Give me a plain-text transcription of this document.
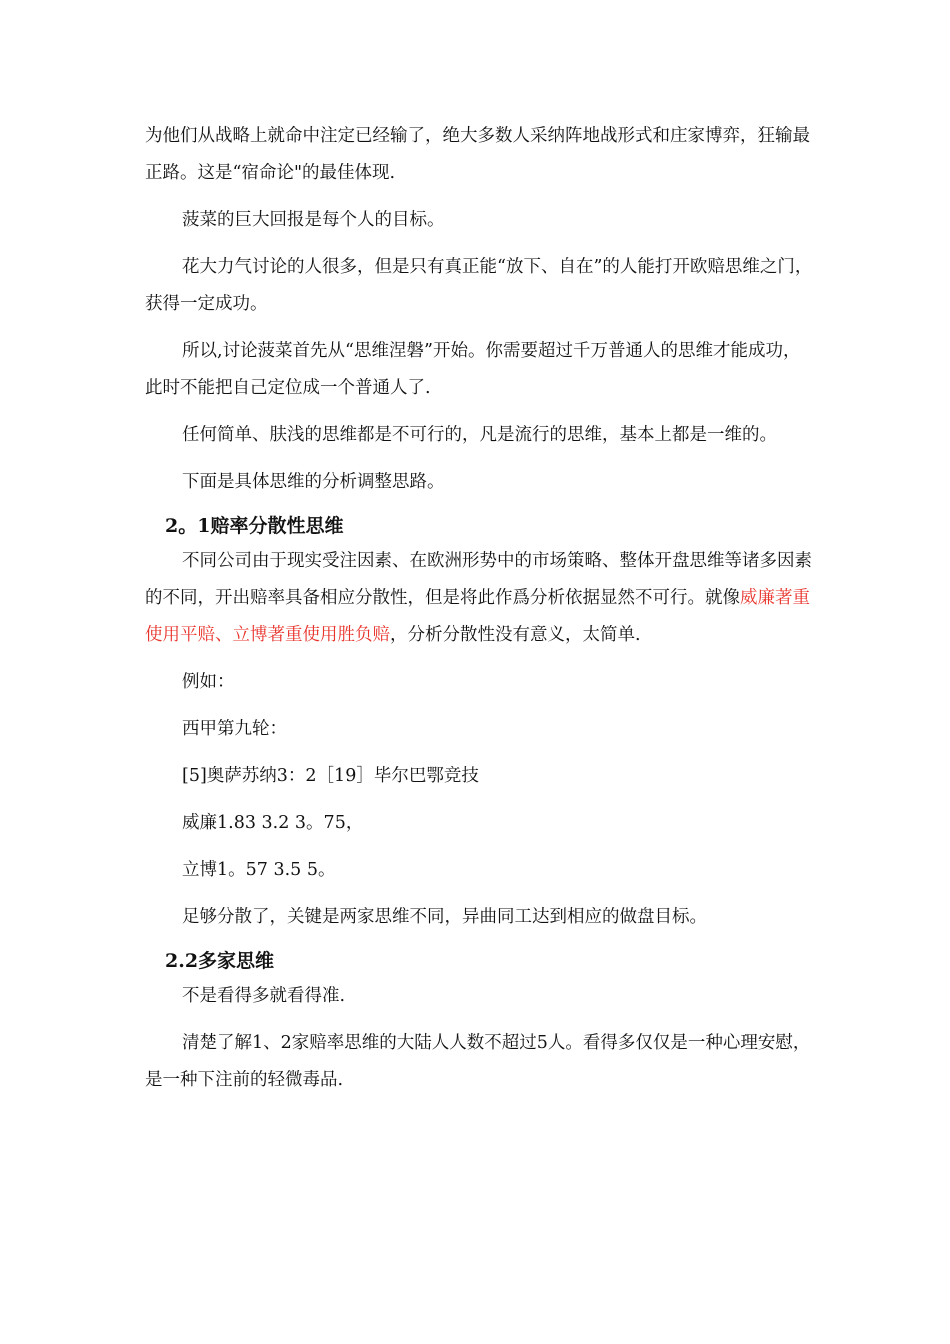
为他们从战略上就命中注定已经输了，绝大多数人采纳阵地战形式和庄家博弈，狂输最正路。这是“宿命论"的最佳体现.

菠菜的巨大回报是每个人的目标。

花大力气讨论的人很多，但是只有真正能“放下、自在”的人能打开欧赔思维之门，获得一定成功。

所以,讨论菠菜首先从“思维涅磐”开始。你需要超过千万普通人的思维才能成功，此时不能把自己定位成一个普通人了.

任何简单、肤浅的思维都是不可行的，凡是流行的思维，基本上都是一维的。

下面是具体思维的分析调整思路。

2。1赔率分散性思维

不同公司由于现实受注因素、在欧洲形势中的市场策略、整体开盘思维等诸多因素的不同，开出赔率具备相应分散性，但是将此作爲分析依据显然不可行。就像威廉著重使用平赔、立博著重使用胜负赔，分析分散性没有意义，太简单.

例如：

西甲第九轮：

[5]奥萨苏纳3：2［19］毕尔巴鄂竞技

威廉1.83 3.2 3。75，

立博1。57 3.5 5。

足够分散了，关键是两家思维不同，异曲同工达到相应的做盘目标。

2.2多家思维

不是看得多就看得准.

清楚了解1、2家赔率思维的大陆人人数不超过5人。看得多仅仅是一种心理安慰，是一种下注前的轻微毒品.
